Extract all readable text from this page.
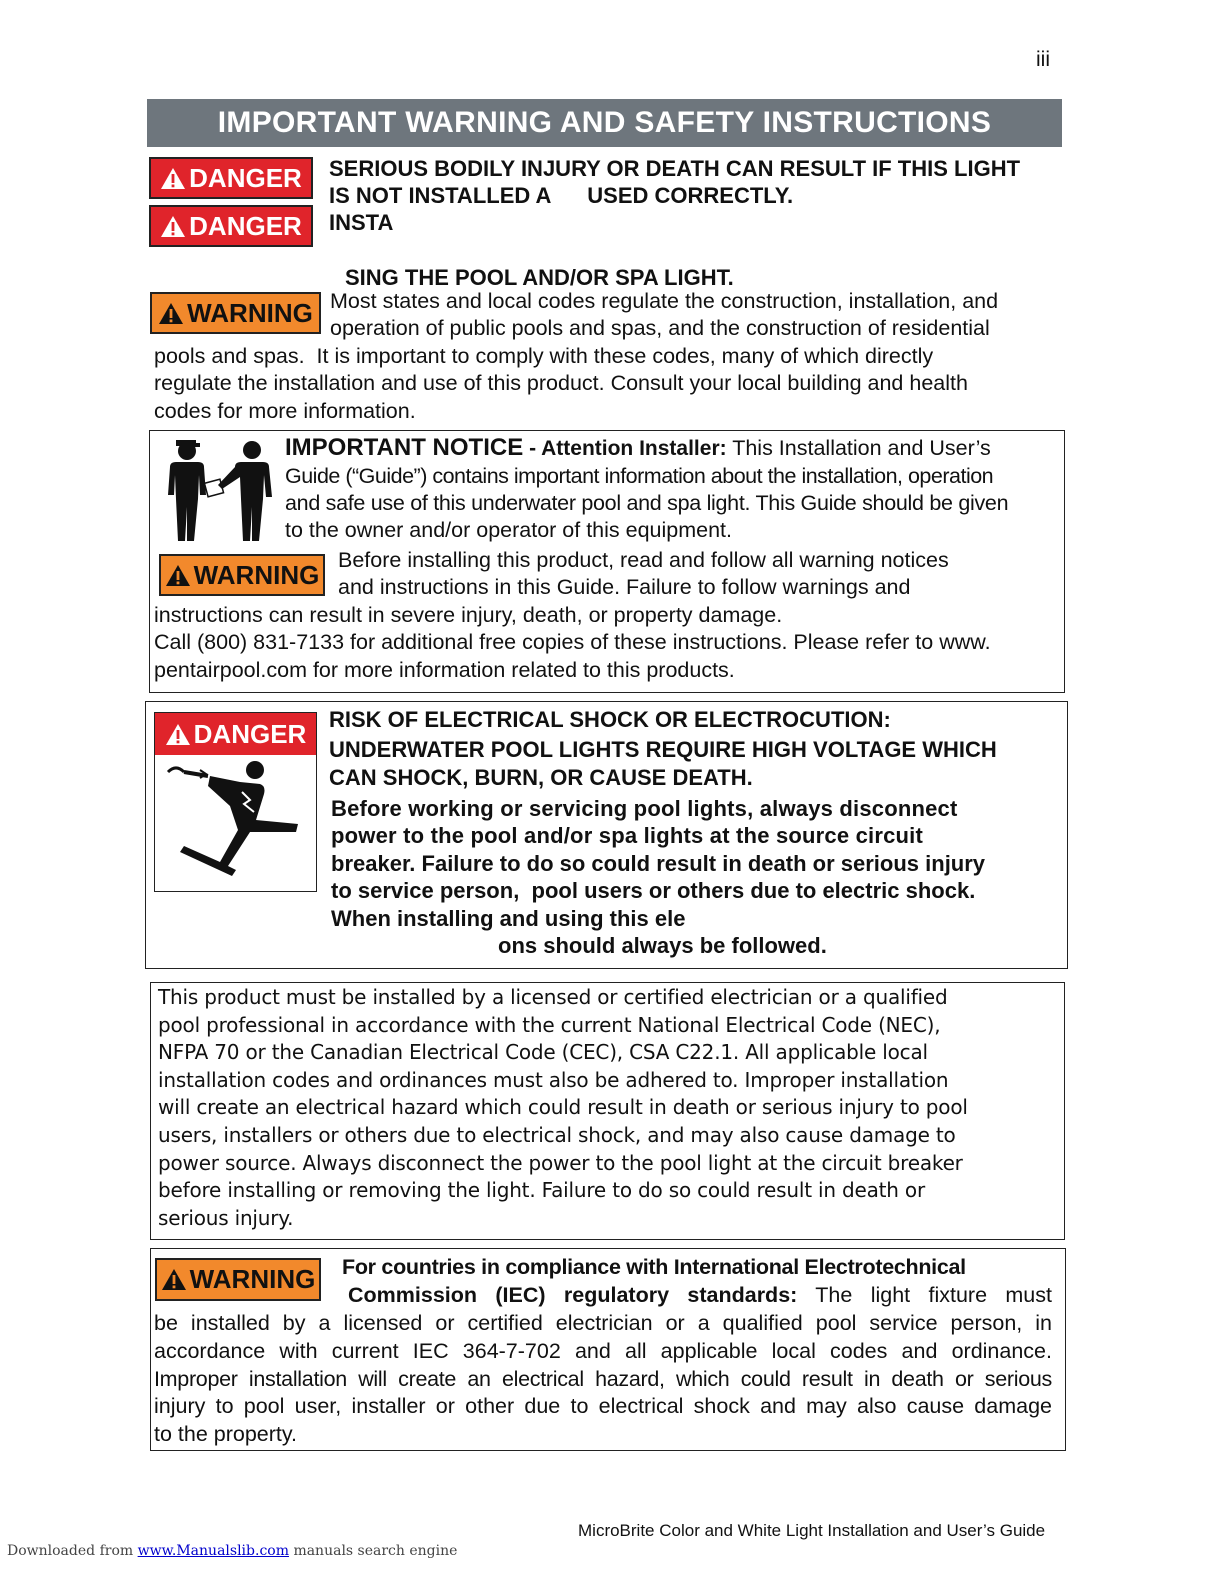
iii
IMPORTANT WARNING AND SAFETY INSTRUCTIONS
DANGER
DANGER
SERIOUS BODILY INJURY OR DEATH CAN RESULT IF THIS LIGHT
IS NOT INSTALLED A      USED CORRECTLY.
INSTA
SING THE POOL AND/OR SPA LIGHT.
WARNING Most states and local codes regulate the construction, installation, and
operation of public pools and spas, and the construction of residential
pools and spas.  It is important to comply with these codes, many of which directly
regulate the installation and use of this product. Consult your local building and health
codes for more information.
IMPORTANT NOTICE - Attention Installer: This Installation and User’s
Guide (“Guide”) contains important information about the installation, operation
and safe use of this underwater pool and spa light. This Guide should be given
to the owner and/or operator of this equipment.
WARNING Before installing this product, read and follow all warning notices
and instructions in this Guide. Failure to follow warnings and
instructions can result in severe injury, death, or property damage.
Call (800) 831-7133 for additional free copies of these instructions. Please refer to www.
pentairpool.com for more information related to this products.
DANGER RISK OF ELECTRICAL SHOCK OR ELECTROCUTION:
UNDERWATER POOL LIGHTS REQUIRE HIGH VOLTAGE WHICH
CAN SHOCK, BURN, OR CAUSE DEATH.
Before working or servicing pool lights, always disconnect
power to the pool and/or spa lights at the source circuit
breaker. Failure to do so could result in death or serious injury
to service person,  pool users or others due to electric shock.
When installing and using this ele
ons should always be followed.
This product must be installed by a licensed or certified electrician or a qualified
pool professional in accordance with the current National Electrical Code (NEC),
NFPA 70 or the Canadian Electrical Code (CEC), CSA C22.1. All applicable local
installation codes and ordinances must also be adhered to. Improper installation
will create an electrical hazard which could result in death or serious injury to pool
users, installers or others due to electrical shock, and may also cause damage to
power source. Always disconnect the power to the pool light at the circuit breaker
before installing or removing the light. Failure to do so could result in death or
serious injury.
WARNING For countries in compliance with International Electrotechnical
Commission (IEC) regulatory standards: The light fixture must
be installed by a licensed or certified electrician or a qualified pool service person, in
accordance with current IEC 364-7-702 and all applicable local codes and ordinance.
Improper installation will create an electrical hazard, which could result in death or serious
injury to pool user, installer or other due to electrical shock and may also cause damage
to the property.
MicroBrite Color and White Light Installation and User’s Guide
Downloaded from www.Manualslib.com manuals search engine
